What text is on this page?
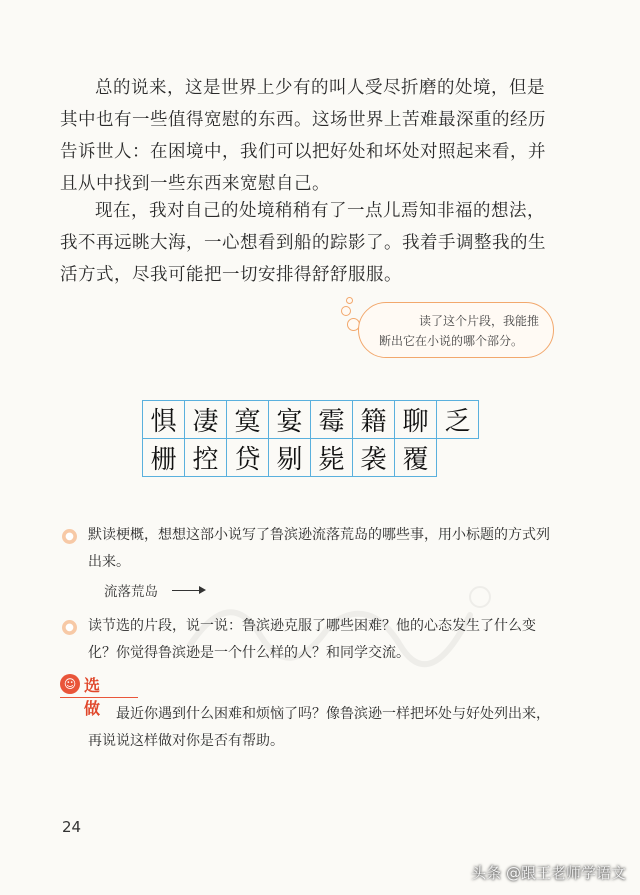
总的说来，这是世界上少有的叫人受尽折磨的处境，但是其中也有一些值得宽慰的东西。这场世界上苦难最深重的经历告诉世人：在困境中，我们可以把好处和坏处对照起来看，并且从中找到一些东西来宽慰自己。

现在，我对自己的处境稍稍有了一点儿焉知非福的想法，我不再远眺大海，一心想看到船的踪影了。我着手调整我的生活方式，尽我可能把一切安排得舒舒服服。

读了这个片段，我能推
断出它在小说的哪个部分。
惧	凄	寞	宴	霉	籍	聊	乏
栅	控	贷	剔	毙	袭	覆	
● 默读梗概，想想这部小说写了鲁滨逊流落荒岛的哪些事，用小标题的方式列出来。

流落荒岛
● 读节选的片段，说一说：鲁滨逊克服了哪些困难？他的心态发生了什么变化？你觉得鲁滨逊是一个什么样的人？和同学交流。

☺ 选 做 最近你遇到什么困难和烦恼了吗？像鲁滨逊一样把坏处与好处列出来，再说说这样做对你是否有帮助。

24
头条 @跟王老师学语文
